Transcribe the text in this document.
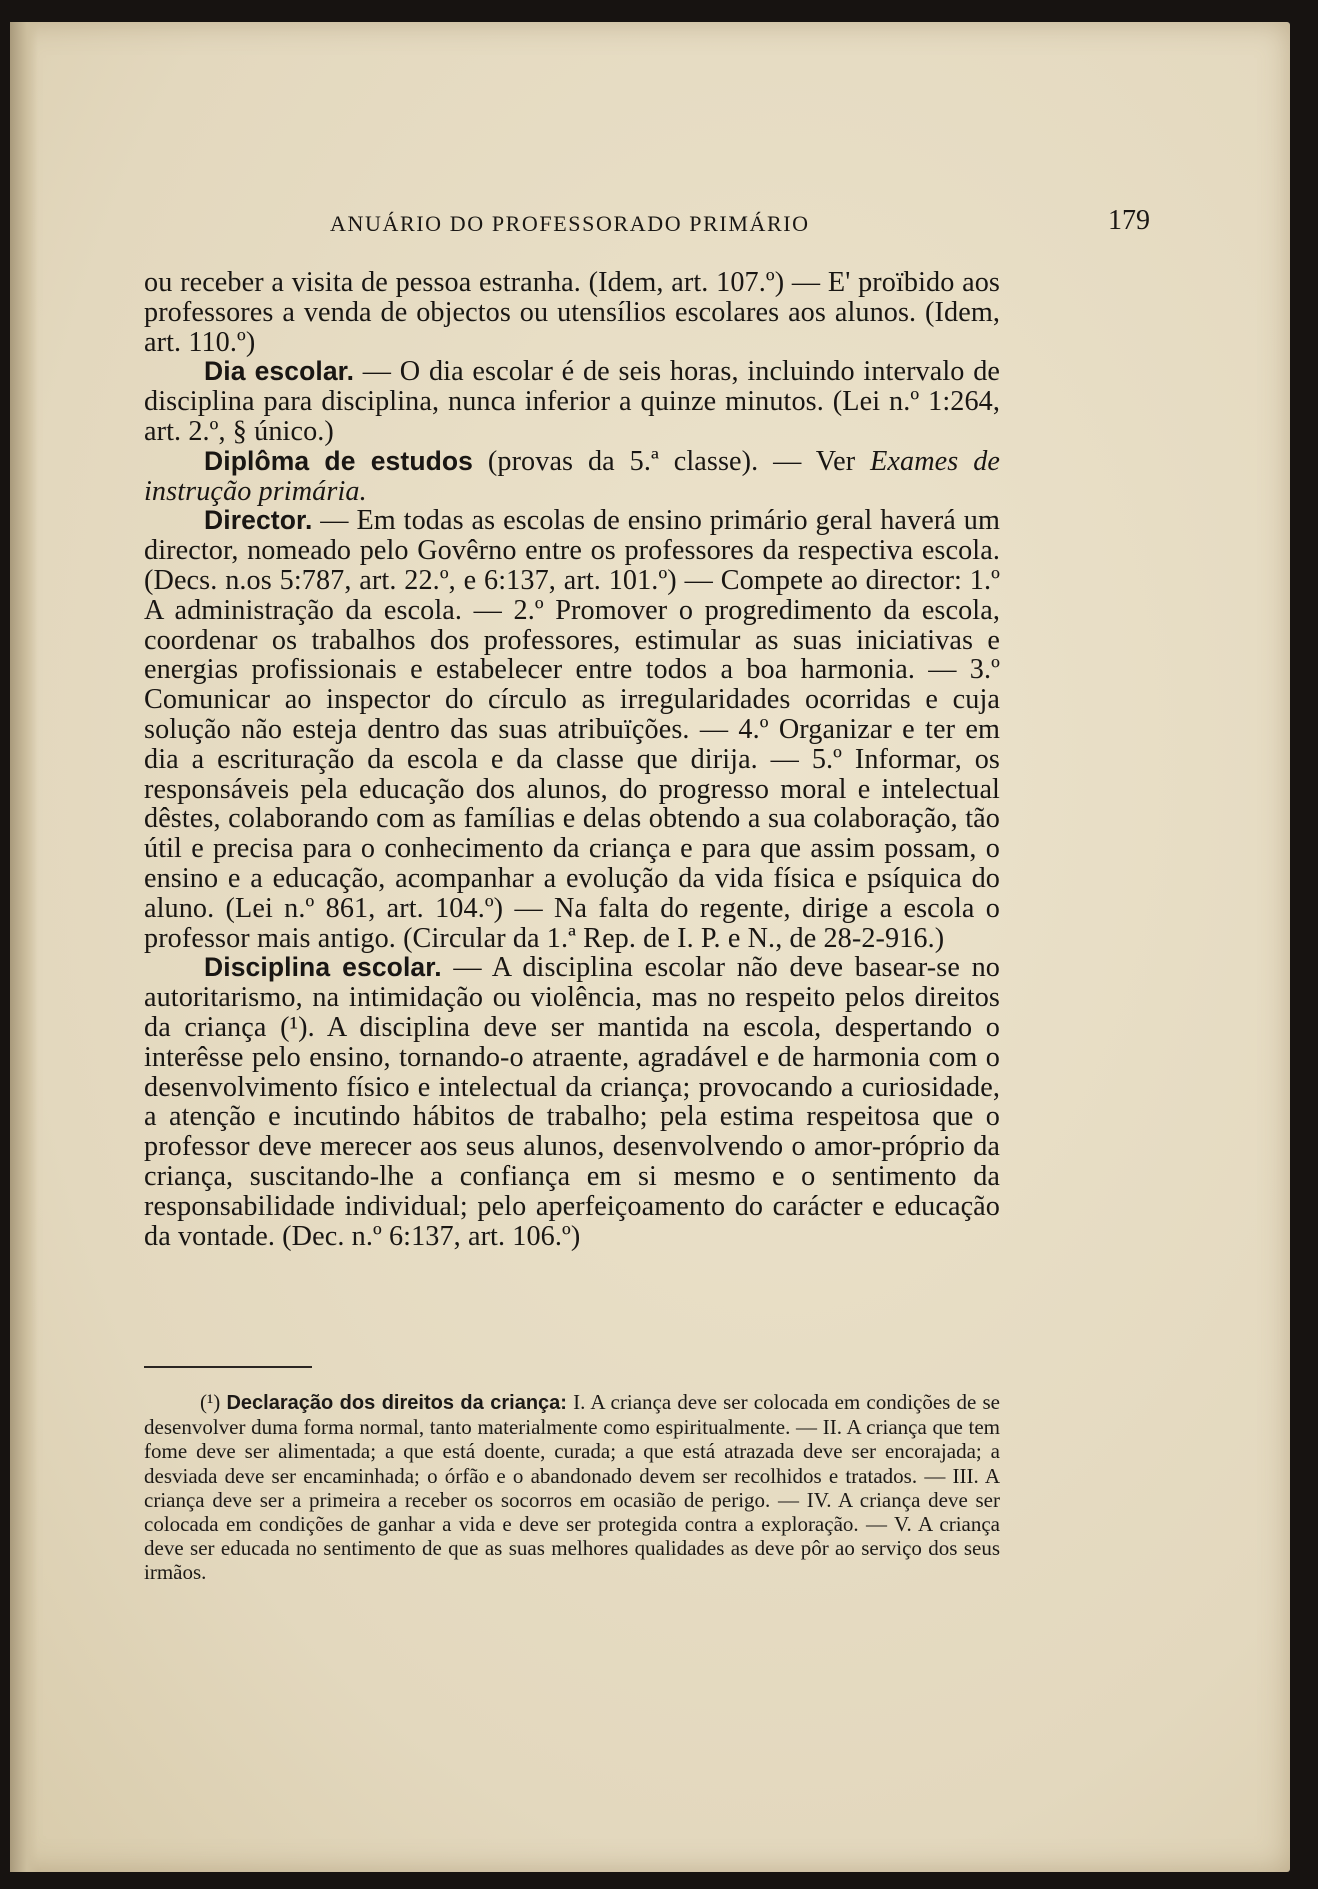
ANUÁRIO DO PROFESSORADO PRIMÁRIO	179

ou receber a visita de pessoa estranha. (Idem, art. 107.º) — E' proïbido aos professores a venda de objectos ou utensílios escolares aos alunos. (Idem, art. 110.º)

Dia escolar. — O dia escolar é de seis horas, incluindo intervalo de disciplina para disciplina, nunca inferior a quinze minutos. (Lei n.º 1:264, art. 2.º, § único.)

Diplôma de estudos (provas da 5.ª classe). — Ver Exames de instrução primária.

Director. — Em todas as escolas de ensino primário geral haverá um director, nomeado pelo Govêrno entre os professores da respectiva escola. (Decs. n.os 5:787, art. 22.º, e 6:137, art. 101.º) — Compete ao director: 1.º A administração da escola. — 2.º Promover o progredimento da escola, coordenar os trabalhos dos professores, estimular as suas iniciativas e energias profissionais e estabelecer entre todos a boa harmonia. — 3.º Comunicar ao inspector do círculo as irregularidades ocorridas e cuja solução não esteja dentro das suas atribuïções. — 4.º Organizar e ter em dia a escrituração da escola e da classe que dirija. — 5.º Informar, os responsáveis pela educação dos alunos, do progresso moral e intelectual dêstes, colaborando com as famílias e delas obtendo a sua colaboração, tão útil e precisa para o conhecimento da criança e para que assim possam, o ensino e a educação, acompanhar a evolução da vida física e psíquica do aluno. (Lei n.º 861, art. 104.º) — Na falta do regente, dirige a escola o professor mais antigo. (Circular da 1.ª Rep. de I. P. e N., de 28-2-916.)

Disciplina escolar. — A disciplina escolar não deve basear-se no autoritarismo, na intimidação ou violência, mas no respeito pelos direitos da criança (¹). A disciplina deve ser mantida na escola, despertando o interêsse pelo ensino, tornando-o atraente, agradável e de harmonia com o desenvolvimento físico e intelectual da criança; provocando a curiosidade, a atenção e incutindo hábitos de trabalho; pela estima respeitosa que o professor deve merecer aos seus alunos, desenvolvendo o amor-próprio da criança, suscitando-lhe a confiança em si mesmo e o sentimento da responsabilidade individual; pelo aperfeiçoamento do carácter e educação da vontade. (Dec. n.º 6:137, art. 106.º)

(¹) Declaração dos direitos da criança: I. A criança deve ser colocada em condições de se desenvolver duma forma normal, tanto materialmente como espiritualmente. — II. A criança que tem fome deve ser alimentada; a que está doente, curada; a que está atrazada deve ser encorajada; a desviada deve ser encaminhada; o órfão e o abandonado devem ser recolhidos e tratados. — III. A criança deve ser a primeira a receber os socorros em ocasião de perigo. — IV. A criança deve ser colocada em condições de ganhar a vida e deve ser protegida contra a exploração. — V. A criança deve ser educada no sentimento de que as suas melhores qualidades as deve pôr ao serviço dos seus irmãos.
